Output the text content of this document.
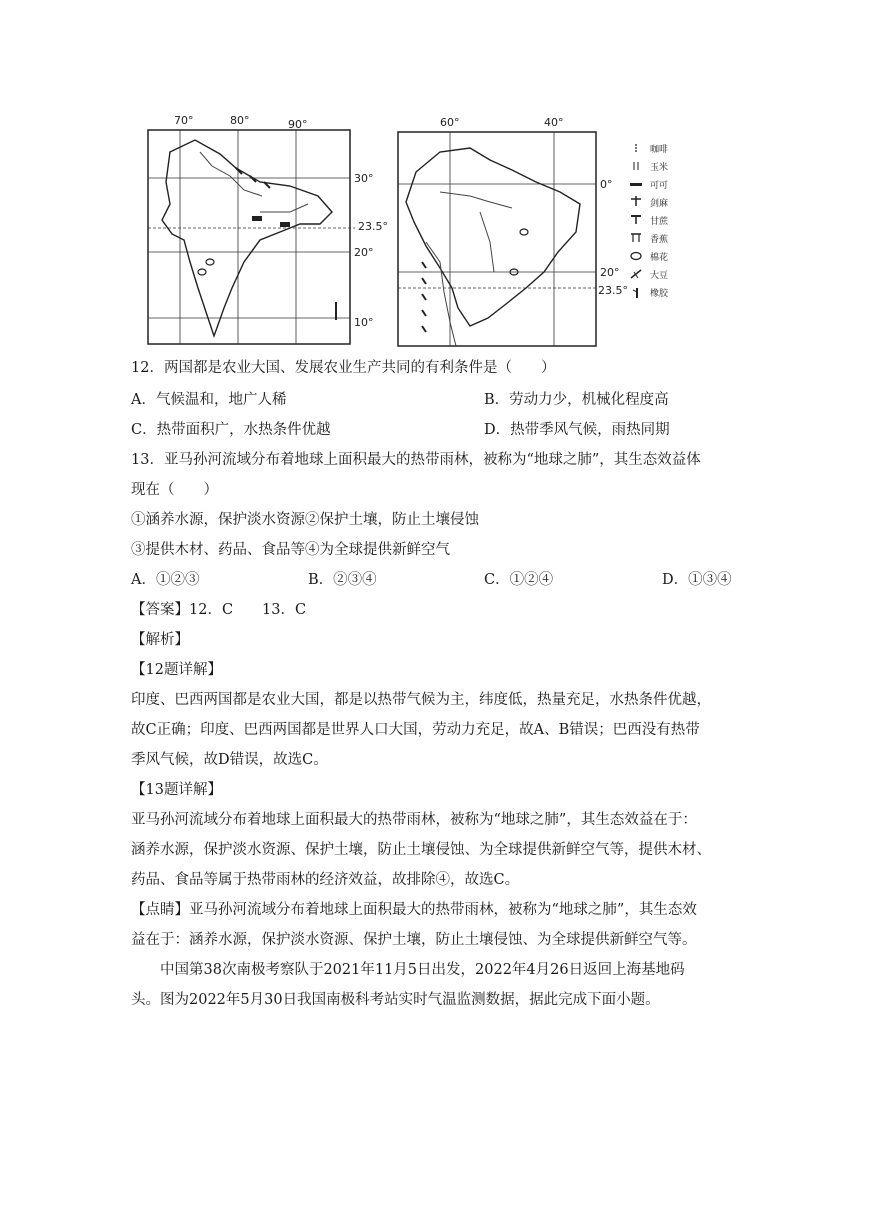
70°	80°	90°
30°
23.5°
20°
10°
60°	40°
0°
20°
23.5°
咖啡
玉米
可可
剑麻
甘蔗
香蕉
棉花
大豆
橡胶
12．两国都是农业大国、发展农业生产共同的有利条件是（　　）
A．气候温和，地广人稀	B．劳动力少，机械化程度高
C．热带面积广，水热条件优越	D．热带季风气候，雨热同期
13．亚马孙河流域分布着地球上面积最大的热带雨林，被称为“地球之肺”，其生态效益体
现在（　　）
①涵养水源，保护淡水资源②保护土壤，防止土壤侵蚀
③提供木材、药品、食品等④为全球提供新鲜空气
A．①②③	B．②③④	C．①②④	D．①③④
【答案】12．C　　13．C
【解析】
【12题详解】
印度、巴西两国都是农业大国，都是以热带气候为主，纬度低，热量充足，水热条件优越，
故C正确；印度、巴西两国都是世界人口大国，劳动力充足，故A、B错误；巴西没有热带
季风气候，故D错误，故选C。
【13题详解】
亚马孙河流域分布着地球上面积最大的热带雨林，被称为“地球之肺”，其生态效益在于：
涵养水源，保护淡水资源、保护土壤，防止土壤侵蚀、为全球提供新鲜空气等，提供木材、
药品、食品等属于热带雨林的经济效益，故排除④，故选C。
【点睛】亚马孙河流域分布着地球上面积最大的热带雨林，被称为“地球之肺”，其生态效
益在于：涵养水源，保护淡水资源、保护土壤，防止土壤侵蚀、为全球提供新鲜空气等。
　　中国第38次南极考察队于2021年11月5日出发，2022年4月26日返回上海基地码
头。图为2022年5月30日我国南极科考站实时气温监测数据，据此完成下面小题。
